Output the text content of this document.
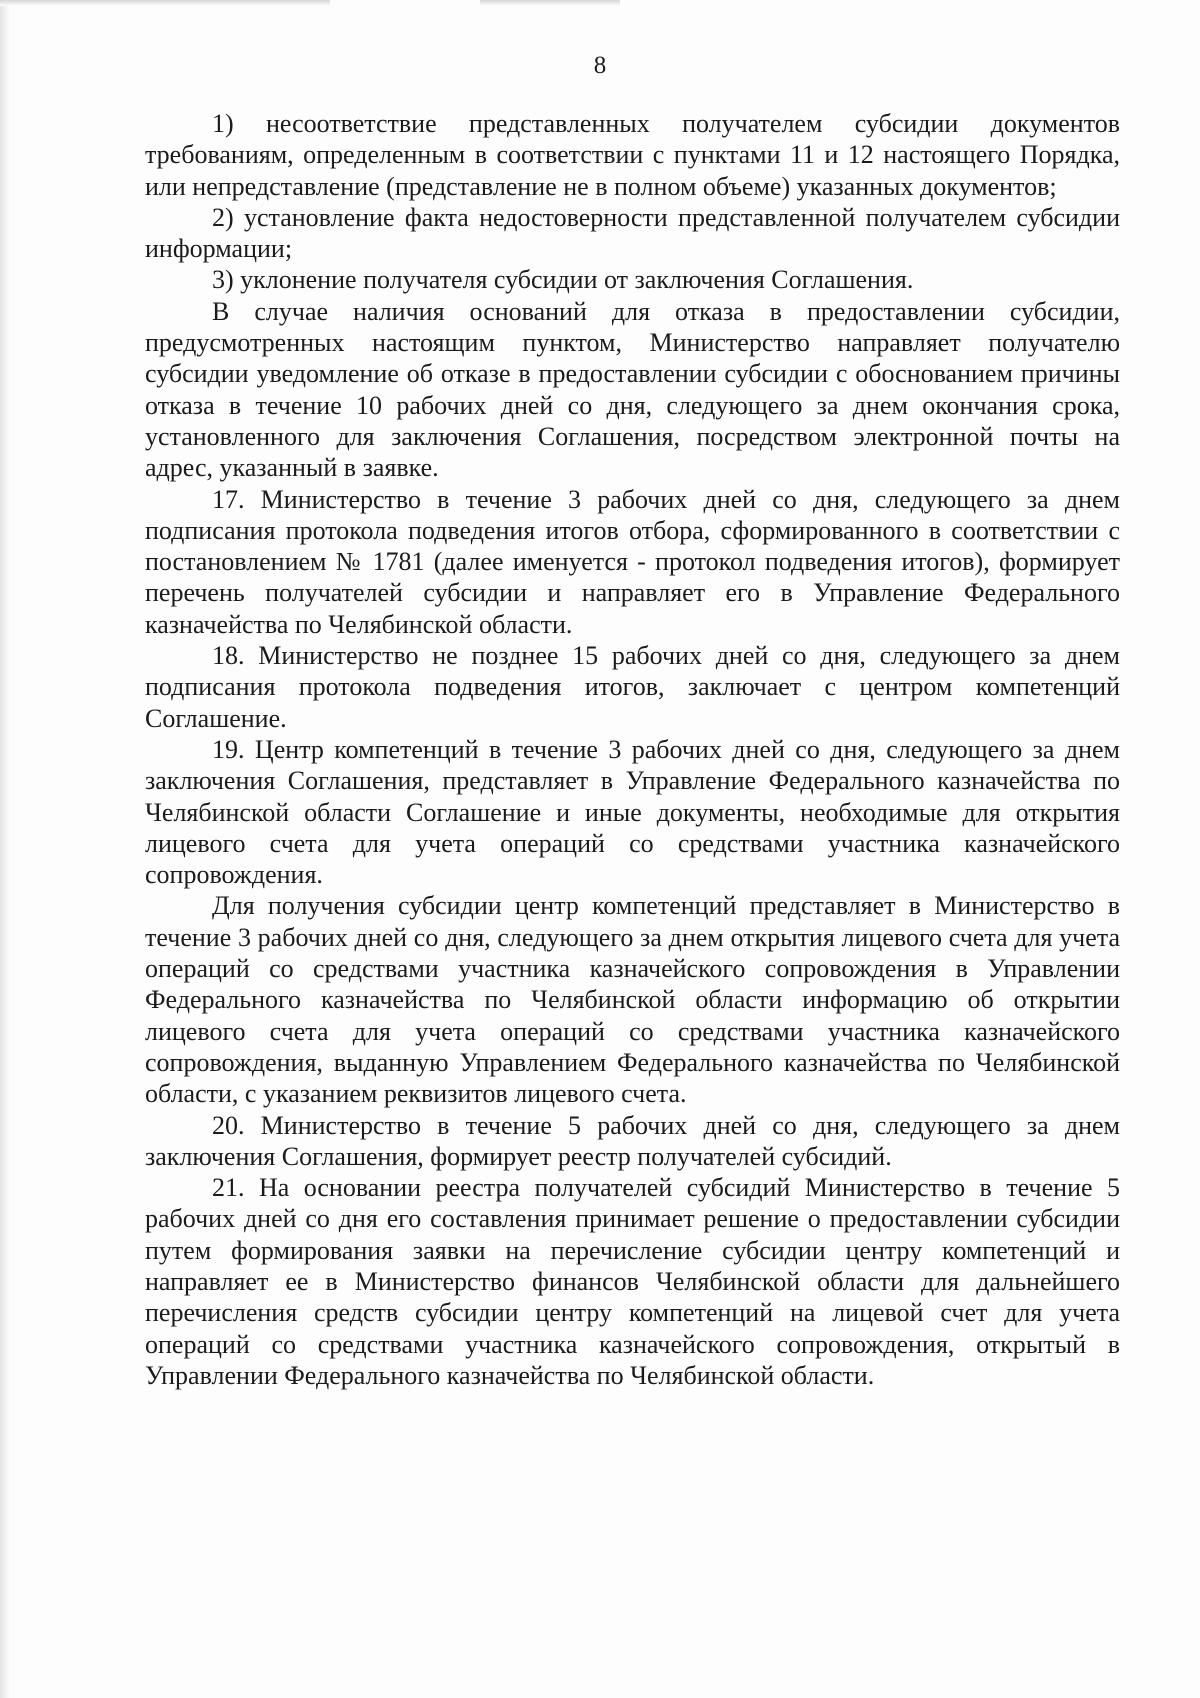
8

1) несоответствие представленных получателем субсидии документов требованиям, определенным в соответствии с пунктами 11 и 12 настоящего Порядка, или непредставление (представление не в полном объеме) указанных документов;

2) установление факта недостоверности представленной получателем субсидии информации;

3) уклонение получателя субсидии от заключения Соглашения.

В случае наличия оснований для отказа в предоставлении субсидии, предусмотренных настоящим пунктом, Министерство направляет получателю субсидии уведомление об отказе в предоставлении субсидии с обоснованием причины отказа в течение 10 рабочих дней со дня, следующего за днем окончания срока, установленного для заключения Соглашения, посредством электронной почты на адрес, указанный в заявке.

17. Министерство в течение 3 рабочих дней со дня, следующего за днем подписания протокола подведения итогов отбора, сформированного в соответствии с постановлением № 1781 (далее именуется - протокол подведения итогов), формирует перечень получателей субсидии и направляет его в Управление Федерального казначейства по Челябинской области.

18. Министерство не позднее 15 рабочих дней со дня, следующего за днем подписания протокола подведения итогов, заключает с центром компетенций Соглашение.

19. Центр компетенций в течение 3 рабочих дней со дня, следующего за днем заключения Соглашения, представляет в Управление Федерального казначейства по Челябинской области Соглашение и иные документы, необходимые для открытия лицевого счета для учета операций со средствами участника казначейского сопровождения.

Для получения субсидии центр компетенций представляет в Министерство в течение 3 рабочих дней со дня, следующего за днем открытия лицевого счета для учета операций со средствами участника казначейского сопровождения в Управлении Федерального казначейства по Челябинской области информацию об открытии лицевого счета для учета операций со средствами участника казначейского сопровождения, выданную Управлением Федерального казначейства по Челябинской области, с указанием реквизитов лицевого счета.

20. Министерство в течение 5 рабочих дней со дня, следующего за днем заключения Соглашения, формирует реестр получателей субсидий.

21. На основании реестра получателей субсидий Министерство в течение 5 рабочих дней со дня его составления принимает решение о предоставлении субсидии путем формирования заявки на перечисление субсидии центру компетенций и направляет ее в Министерство финансов Челябинской области для дальнейшего перечисления средств субсидии центру компетенций на лицевой счет для учета операций со средствами участника казначейского сопровождения, открытый в Управлении Федерального казначейства по Челябинской области.
